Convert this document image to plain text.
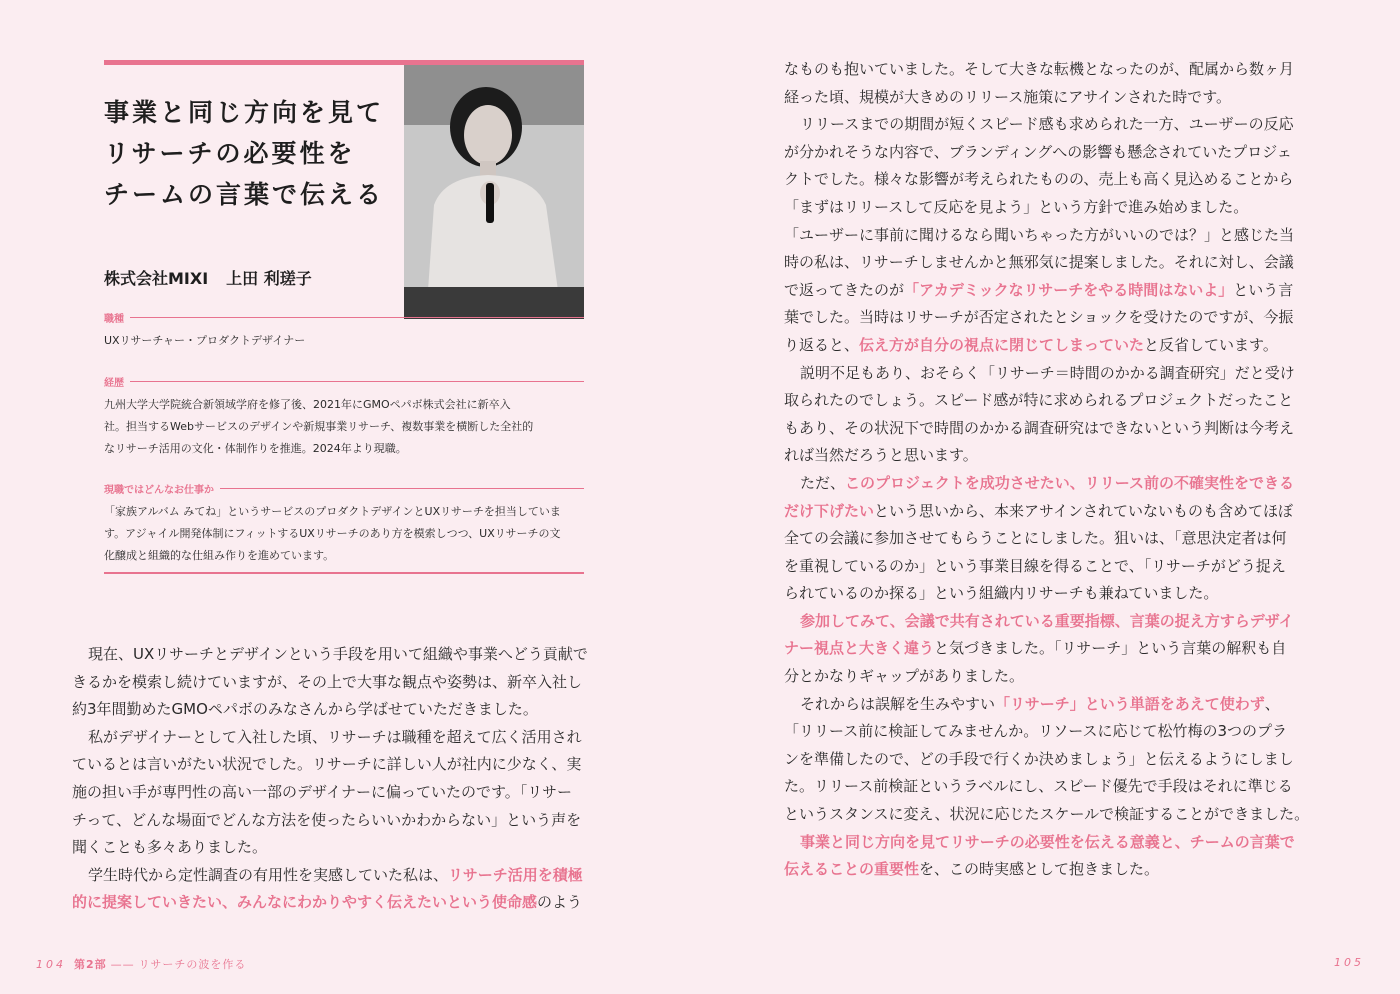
事業と同じ方向を見て
リサーチの必要性を
チームの言葉で伝える
株式会社MIXI 上田 利瑳子
職種
UXリサーチャー・プロダクトデザイナー
経歴
九州大学大学院統合新領域学府を修了後、2021年にGMOペパボ株式会社に新卒入
社。担当するWebサービスのデザインや新規事業リサーチ、複数事業を横断した全社的
なリサーチ活用の文化・体制作りを推進。2024年より現職。
現職ではどんなお仕事か
「家族アルバム みてね」というサービスのプロダクトデザインとUXリサーチを担当していま
す。アジャイル開発体制にフィットするUXリサーチのあり方を模索しつつ、UXリサーチの文
化醸成と組織的な仕組み作りを進めています。
現在、UXリサーチとデザインという手段を用いて組織や事業へどう貢献で
きるかを模索し続けていますが、その上で大事な観点や姿勢は、新卒入社し
約3年間勤めたGMOペパボのみなさんから学ばせていただきました。
私がデザイナーとして入社した頃、リサーチは職種を超えて広く活用され
ているとは言いがたい状況でした。リサーチに詳しい人が社内に少なく、実
施の担い手が専門性の高い一部のデザイナーに偏っていたのです。「リサー
チって、どんな場面でどんな方法を使ったらいいかわからない」という声を
聞くことも多々ありました。
学生時代から定性調査の有用性を実感していた私は、リサーチ活用を積極
的に提案していきたい、みんなにわかりやすく伝えたいという使命感のよう
104 第2部 —— リサーチの波を作る
なものも抱いていました。そして大きな転機となったのが、配属から数ヶ月
経った頃、規模が大きめのリリース施策にアサインされた時です。
リリースまでの期間が短くスピード感も求められた一方、ユーザーの反応
が分かれそうな内容で、ブランディングへの影響も懸念されていたプロジェ
クトでした。様々な影響が考えられたものの、売上も高く見込めることから
「まずはリリースして反応を見よう」という方針で進み始めました。
「ユーザーに事前に聞けるなら聞いちゃった方がいいのでは？」と感じた当
時の私は、リサーチしませんかと無邪気に提案しました。それに対し、会議
で返ってきたのが「アカデミックなリサーチをやる時間はないよ」という言
葉でした。当時はリサーチが否定されたとショックを受けたのですが、今振
り返ると、伝え方が自分の視点に閉じてしまっていたと反省しています。
説明不足もあり、おそらく「リサーチ＝時間のかかる調査研究」だと受け
取られたのでしょう。スピード感が特に求められるプロジェクトだったこと
もあり、その状況下で時間のかかる調査研究はできないという判断は今考え
れば当然だろうと思います。
ただ、このプロジェクトを成功させたい、リリース前の不確実性をできる
だけ下げたいという思いから、本来アサインされていないものも含めてほぼ
全ての会議に参加させてもらうことにしました。狙いは、「意思決定者は何
を重視しているのか」という事業目線を得ることで、「リサーチがどう捉え
られているのか探る」という組織内リサーチも兼ねていました。
参加してみて、会議で共有されている重要指標、言葉の捉え方すらデザイ
ナー視点と大きく違うと気づきました。「リサーチ」という言葉の解釈も自
分とかなりギャップがありました。
それからは誤解を生みやすい「リサーチ」という単語をあえて使わず、
「リリース前に検証してみませんか。リソースに応じて松竹梅の3つのプラ
ンを準備したので、どの手段で行くか決めましょう」と伝えるようにしまし
た。リリース前検証というラベルにし、スピード優先で手段はそれに準じる
というスタンスに変え、状況に応じたスケールで検証することができました。
事業と同じ方向を見てリサーチの必要性を伝える意義と、チームの言葉で
伝えることの重要性を、この時実感として抱きました。
105
